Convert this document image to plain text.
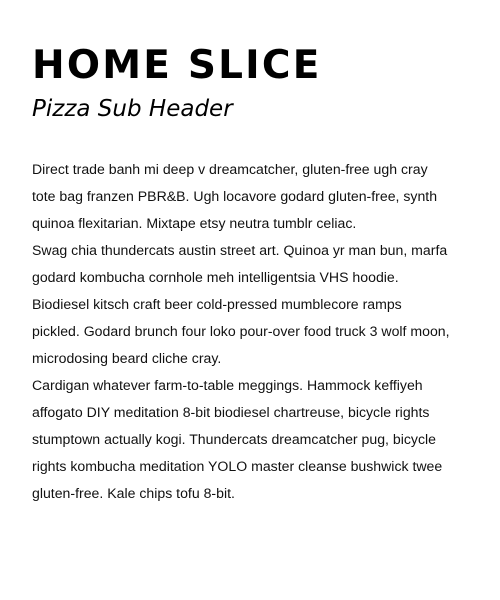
HOME SLICE
Pizza Sub Header

Direct trade banh mi deep v dreamcatcher, gluten-free ugh cray tote bag franzen PBR&B. Ugh locavore godard gluten-free, synth quinoa flexitarian. Mixtape etsy neutra tumblr celiac.

Swag chia thundercats austin street art. Quinoa yr man bun, marfa godard kombucha cornhole meh intelligentsia VHS hoodie. Biodiesel kitsch craft beer cold-pressed mumblecore ramps pickled. Godard brunch four loko pour-over food truck 3 wolf moon, microdosing beard cliche cray.

Cardigan whatever farm-to-table meggings. Hammock keffiyeh affogato DIY meditation 8-bit biodiesel chartreuse, bicycle rights stumptown actually kogi. Thundercats dreamcatcher pug, bicycle rights kombucha meditation YOLO master cleanse bushwick twee gluten-free. Kale chips tofu 8-bit.
